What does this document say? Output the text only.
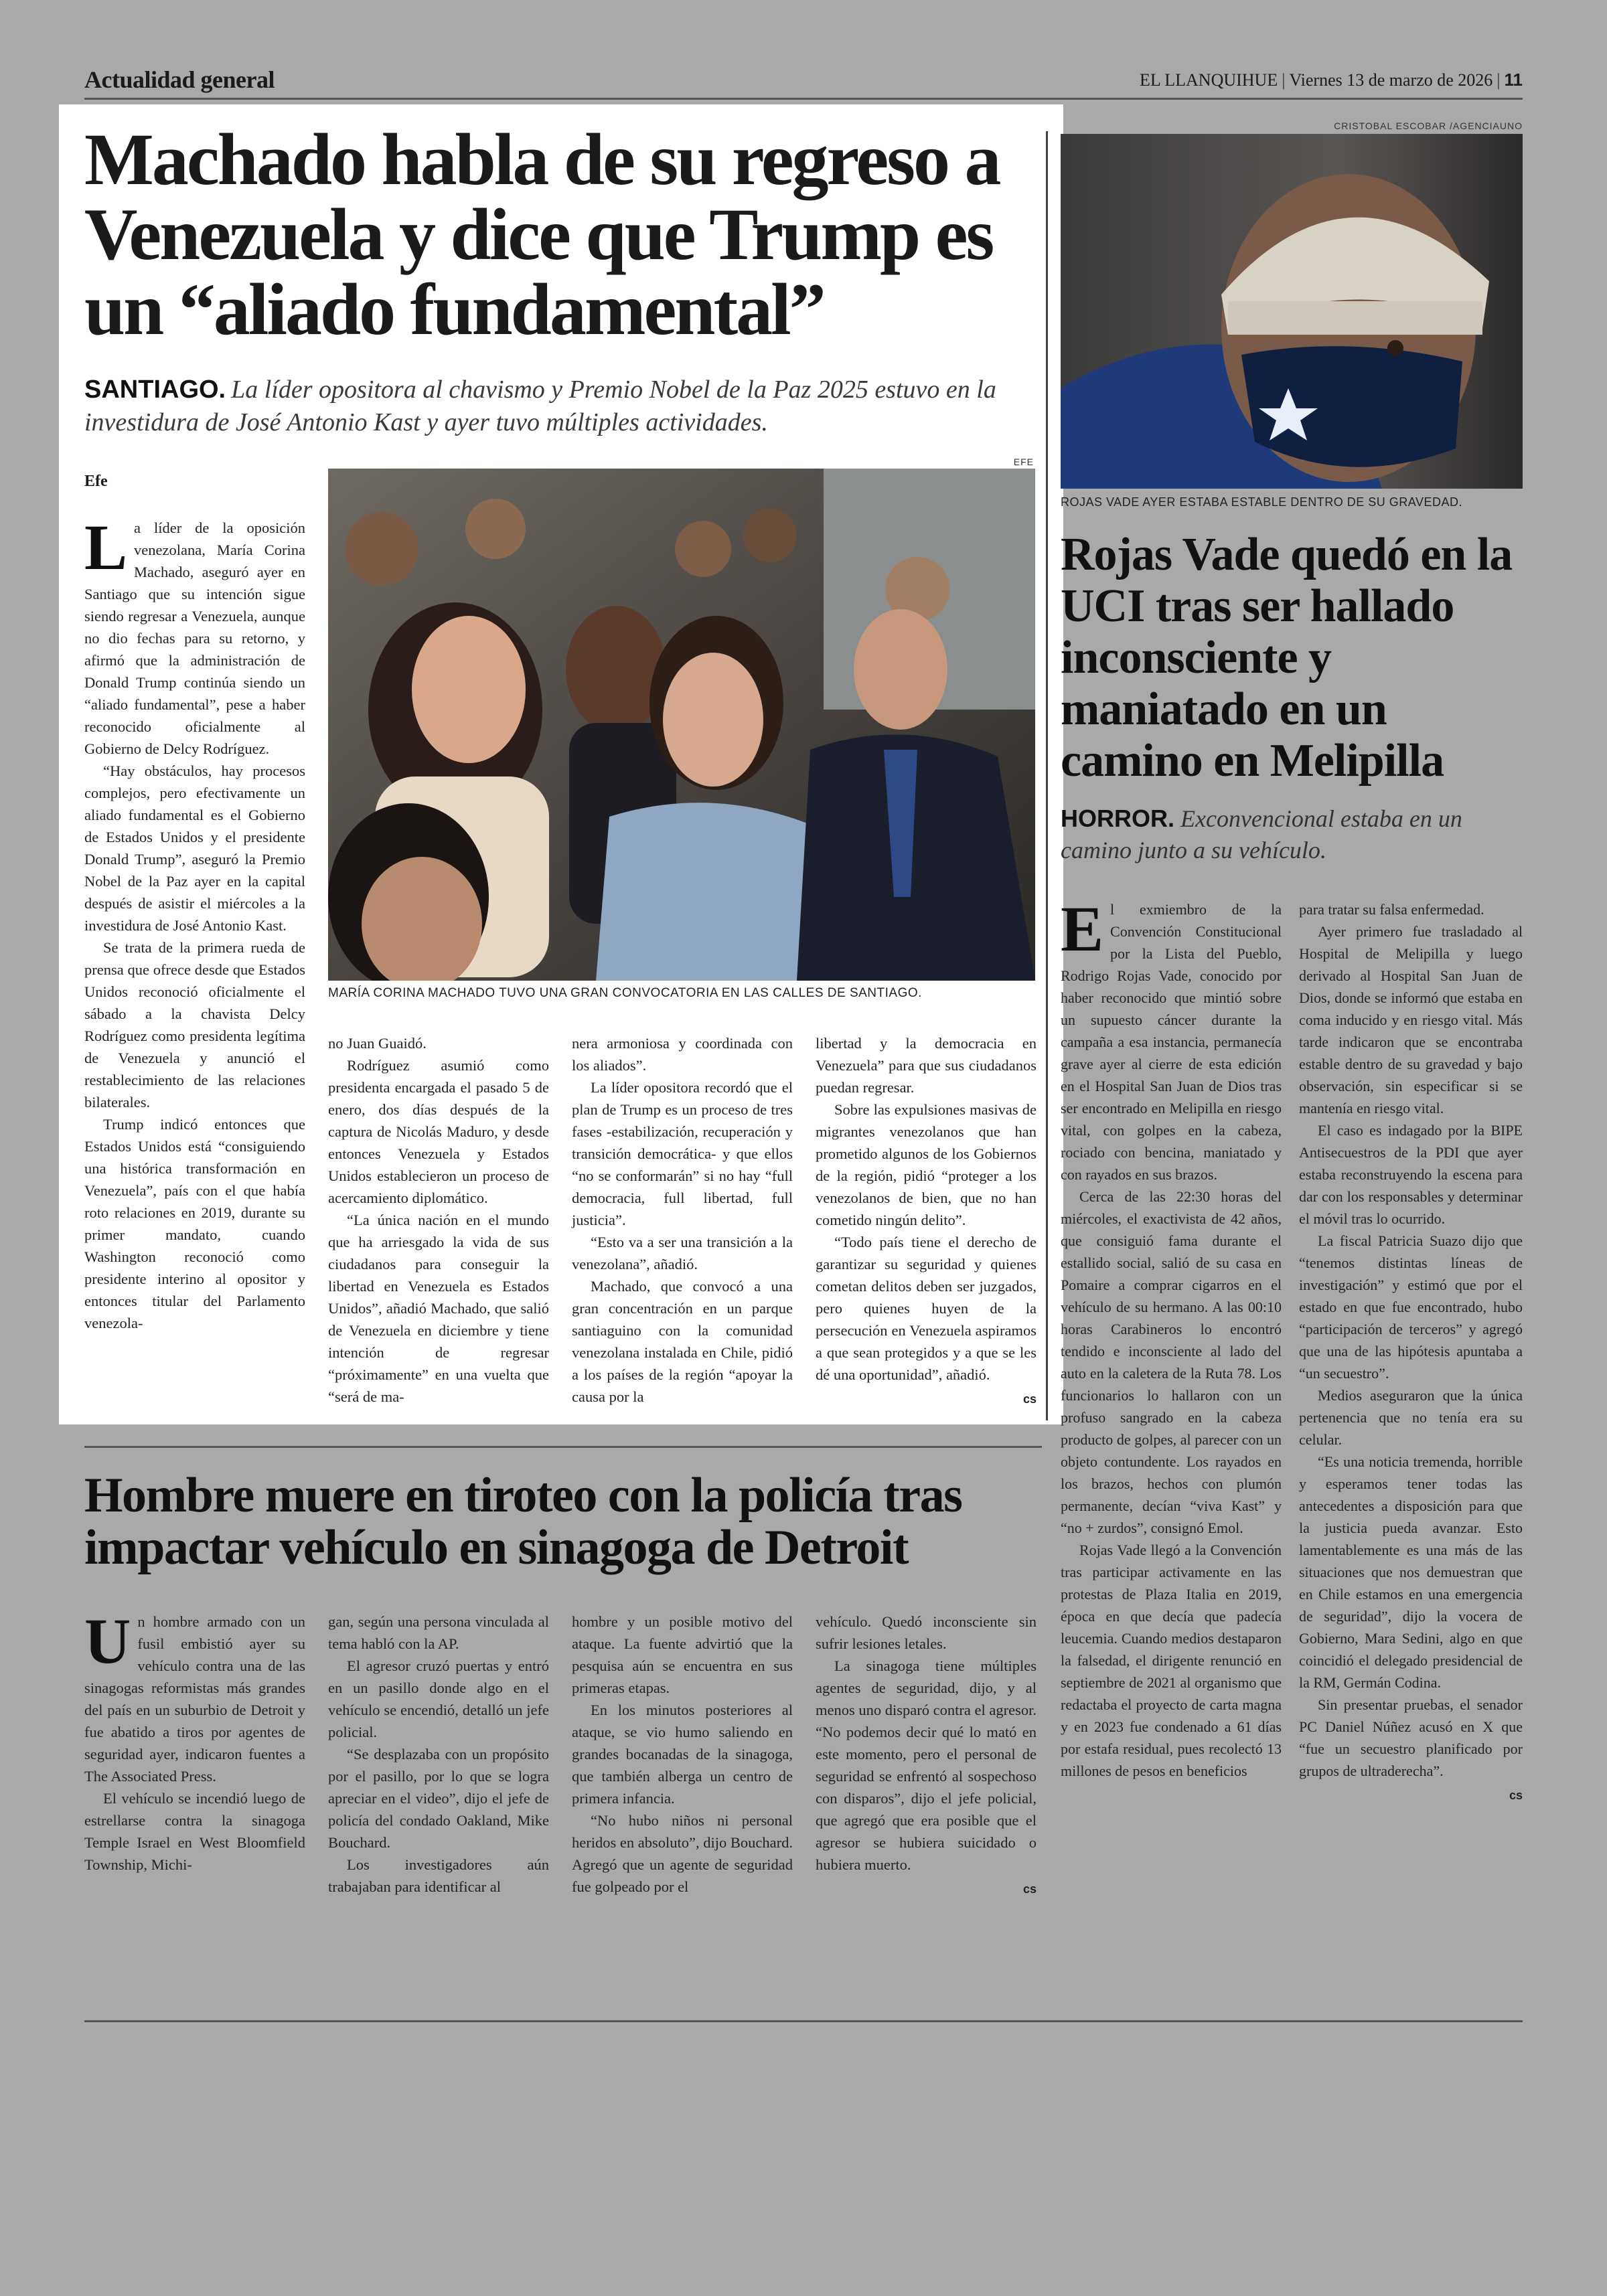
Actualidad general	EL LLANQUIHUE | Viernes 13 de marzo de 2026 | 11
Machado habla de su regreso a Venezuela y dice que Trump es un “aliado fundamental”
SANTIAGO. La líder opositora al chavismo y Premio Nobel de la Paz 2025 estuvo en la investidura de José Antonio Kast y ayer tuvo múltiples actividades.
Efe
EFE
MARÍA CORINA MACHADO TUVO UNA GRAN CONVOCATORIA EN LAS CALLES DE SANTIAGO.

La líder de la oposición venezolana, María Corina Machado, aseguró ayer en Santiago que su intención sigue siendo regresar a Venezuela, aunque no dio fechas para su retorno, y afirmó que la administración de Donald Trump continúa siendo un “aliado fundamental”, pese a haber reconocido oficialmente al Gobierno de Delcy Rodríguez.

“Hay obstáculos, hay procesos complejos, pero efectivamente un aliado fundamental es el Gobierno de Estados Unidos y el presidente Donald Trump”, aseguró la Premio Nobel de la Paz ayer en la capital después de asistir el miércoles a la investidura de José Antonio Kast.

Se trata de la primera rueda de prensa que ofrece desde que Estados Unidos reconoció oficialmente el sábado a la chavista Delcy Rodríguez como presidenta legítima de Venezuela y anunció el restablecimiento de las relaciones bilaterales.

Trump indicó entonces que Estados Unidos está “consiguiendo una histórica transformación en Venezuela”, país con el que había roto relaciones en 2019, durante su primer mandato, cuando Washington reconoció como presidente interino al opositor y entonces titular del Parlamento venezola-

no Juan Guaidó.

Rodríguez asumió como presidenta encargada el pasado 5 de enero, dos días después de la captura de Nicolás Maduro, y desde entonces Venezuela y Estados Unidos establecieron un proceso de acercamiento diplomático.

“La única nación en el mundo que ha arriesgado la vida de sus ciudadanos para conseguir la libertad en Venezuela es Estados Unidos”, añadió Machado, que salió de Venezuela en diciembre y tiene intención de regresar “próximamente” en una vuelta que “será de ma-

nera armoniosa y coordinada con los aliados”.

La líder opositora recordó que el plan de Trump es un proceso de tres fases -estabilización, recuperación y transición democrática- y que ellos “no se conformarán” si no hay “full democracia, full libertad, full justicia”.

“Esto va a ser una transición a la venezolana”, añadió.

Machado, que convocó a una gran concentración en un parque santiaguino con la comunidad venezolana instalada en Chile, pidió a los países de la región “apoyar la causa por la

libertad y la democracia en Venezuela” para que sus ciudadanos puedan regresar.

Sobre las expulsiones masivas de migrantes venezolanos que han prometido algunos de los Gobiernos de la región, pidió “proteger a los venezolanos de bien, que no han cometido ningún delito”.

“Todo país tiene el derecho de garantizar su seguridad y quienes cometan delitos deben ser juzgados, pero quienes huyen de la persecución en Venezuela aspiramos a que sean protegidos y a que se les dé una oportunidad”, añadió.

cs
CRISTOBAL ESCOBAR /AGENCIAUNO
ROJAS VADE AYER ESTABA ESTABLE DENTRO DE SU GRAVEDAD.
Rojas Vade quedó en la UCI tras ser hallado inconsciente y maniatado en un camino en Melipilla
HORROR. Exconvencional estaba en un camino junto a su vehículo.

El exmiembro de la Convención Constitucional por la Lista del Pueblo, Rodrigo Rojas Vade, conocido por haber reconocido que mintió sobre un supuesto cáncer durante la campaña a esa instancia, permanecía grave ayer al cierre de esta edición en el Hospital San Juan de Dios tras ser encontrado en Melipilla en riesgo vital, con golpes en la cabeza, rociado con bencina, maniatado y con rayados en sus brazos.

Cerca de las 22:30 horas del miércoles, el exactivista de 42 años, que consiguió fama durante el estallido social, salió de su casa en Pomaire a comprar cigarros en el vehículo de su hermano. A las 00:10 horas Carabineros lo encontró tendido e inconsciente al lado del auto en la caletera de la Ruta 78. Los funcionarios lo hallaron con un profuso sangrado en la cabeza producto de golpes, al parecer con un objeto contundente. Los rayados en los brazos, hechos con plumón permanente, decían “viva Kast” y “no + zurdos”, consignó Emol.

Rojas Vade llegó a la Convención tras participar activamente en las protestas de Plaza Italia en 2019, época en que decía que padecía leucemia. Cuando medios destaparon la falsedad, el dirigente renunció en septiembre de 2021 al organismo que redactaba el proyecto de carta magna y en 2023 fue condenado a 61 días por estafa residual, pues recolectó 13 millones de pesos en beneficios

para tratar su falsa enfermedad.

Ayer primero fue trasladado al Hospital de Melipilla y luego derivado al Hospital San Juan de Dios, donde se informó que estaba en coma inducido y en riesgo vital. Más tarde indicaron que se encontraba estable dentro de su gravedad y bajo observación, sin especificar si se mantenía en riesgo vital.

El caso es indagado por la BIPE Antisecuestros de la PDI que ayer estaba reconstruyendo la escena para dar con los responsables y determinar el móvil tras lo ocurrido.

La fiscal Patricia Suazo dijo que “tenemos distintas líneas de investigación” y estimó que por el estado en que fue encontrado, hubo “participación de terceros” y agregó que una de las hipótesis apuntaba a “un secuestro”.

Medios aseguraron que la única pertenencia que no tenía era su celular.

“Es una noticia tremenda, horrible y esperamos tener todas las antecedentes a disposición para que la justicia pueda avanzar. Esto lamentablemente es una más de las situaciones que nos demuestran que en Chile estamos en una emergencia de seguridad”, dijo la vocera de Gobierno, Mara Sedini, algo en que coincidió el delegado presidencial de la RM, Germán Codina.

Sin presentar pruebas, el senador PC Daniel Núñez acusó en X que “fue un secuestro planificado por grupos de ultraderecha”.

cs
Hombre muere en tiroteo con la policía tras impactar vehículo en sinagoga de Detroit

Un hombre armado con un fusil embistió ayer su vehículo contra una de las sinagogas reformistas más grandes del país en un suburbio de Detroit y fue abatido a tiros por agentes de seguridad ayer, indicaron fuentes a The Associated Press.

El vehículo se incendió luego de estrellarse contra la sinagoga Temple Israel en West Bloomfield Township, Michi-

gan, según una persona vinculada al tema habló con la AP.

El agresor cruzó puertas y entró en un pasillo donde algo en el vehículo se encendió, detalló un jefe policial.

“Se desplazaba con un propósito por el pasillo, por lo que se logra apreciar en el video”, dijo el jefe de policía del condado Oakland, Mike Bouchard.

Los investigadores aún trabajaban para identificar al

hombre y un posible motivo del ataque. La fuente advirtió que la pesquisa aún se encuentra en sus primeras etapas.

En los minutos posteriores al ataque, se vio humo saliendo en grandes bocanadas de la sinagoga, que también alberga un centro de primera infancia.

“No hubo niños ni personal heridos en absoluto”, dijo Bouchard. Agregó que un agente de seguridad fue golpeado por el

vehículo. Quedó inconsciente sin sufrir lesiones letales.

La sinagoga tiene múltiples agentes de seguridad, dijo, y al menos uno disparó contra el agresor. “No podemos decir qué lo mató en este momento, pero el personal de seguridad se enfrentó al sospechoso con disparos”, dijo el jefe policial, que agregó que era posible que el agresor se hubiera suicidado o hubiera muerto.

cs
